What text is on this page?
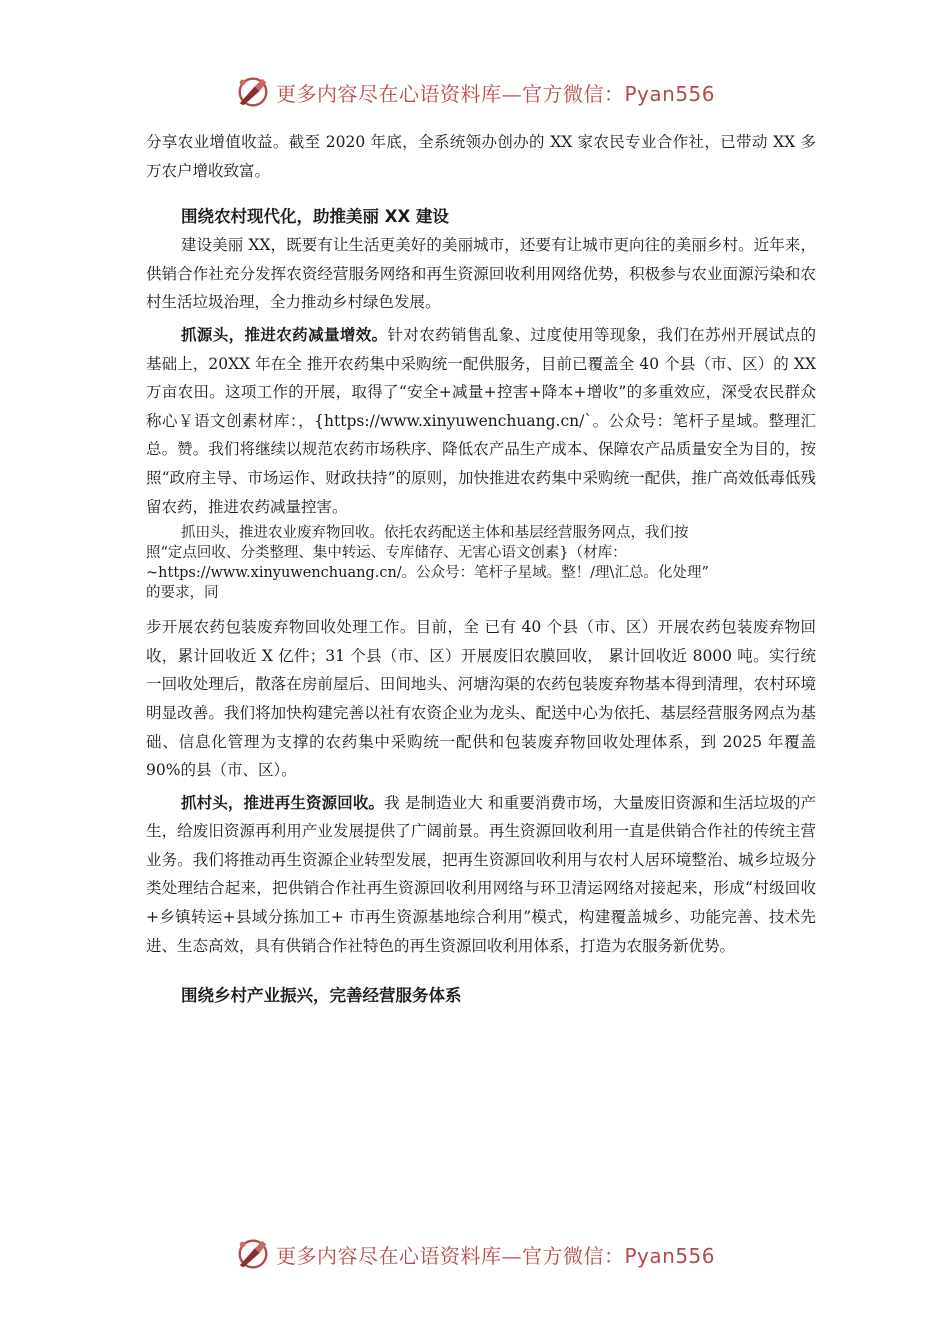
更多内容尽在心语资料库—官方微信：Pyan556

分享农业增值收益。截至 2020 年底，全系统领办创办的 XX 家农民专业合作社，已带动 XX 多万农户增收致富。

围绕农村现代化，助推美丽 XX 建设

建设美丽 XX，既要有让生活更美好的美丽城市，还要有让城市更向往的美丽乡村。近年来， 供销合作社充分发挥农资经营服务网络和再生资源回收利用网络优势，积极参与农业面源污染和农村生活垃圾治理，全力推动乡村绿色发展。

抓源头，推进农药减量增效。针对农药销售乱象、过度使用等现象，我们在苏州开展试点的基础上，20XX 年在全 推开农药集中采购统一配供服务，目前已覆盖全 40 个县（市、区）的 XX 万亩农田。这项工作的开展，取得了“安全+减量+控害+降本+增收”的多重效应，深受农民群众称心￥语文创素材库：，{https://www.xinyuwenchuang.cn/`。公众号：笔杆子星域。整理汇总。赞。我们将继续以规范农药市场秩序、降低农产品生产成本、保障农产品质量安全为目的，按照“政府主导、市场运作、财政扶持”的原则，加快推进农药集中采购统一配供，推广高效低毒低残留农药，推进农药减量控害。

抓田头，推进农业废弃物回收。依托农药配送主体和基层经营服务网点，我们按
照“定点回收、分类整理、集中转运、专库储存、无害心语文创素}（材库：
~https://www.xinyuwenchuang.cn/。公众号：笔杆子星域。整！/理\汇总。化处理”
的要求，同

步开展农药包装废弃物回收处理工作。目前，全 已有 40 个县（市、区）开展农药包装废弃物回收，累计回收近 X 亿件；31 个县（市、区）开展废旧农膜回收， 累计回收近 8000 吨。实行统一回收处理后，散落在房前屋后、田间地头、河塘沟渠的农药包装废弃物基本得到清理，农村环境明显改善。我们将加快构建完善以社有农资企业为龙头、配送中心为依托、基层经营服务网点为基础、信息化管理为支撑的农药集中采购统一配供和包装废弃物回收处理体系，到 2025 年覆盖 90%的县（市、区）。

抓村头，推进再生资源回收。我 是制造业大 和重要消费市场，大量废旧资源和生活垃圾的产生，给废旧资源再利用产业发展提供了广阔前景。再生资源回收利用一直是供销合作社的传统主营业务。我们将推动再生资源企业转型发展，把再生资源回收利用与农村人居环境整治、城乡垃圾分类处理结合起来，把供销合作社再生资源回收利用网络与环卫清运网络对接起来，形成“村级回收+乡镇转运+县域分拣加工+ 市再生资源基地综合利用”模式，构建覆盖城乡、功能完善、技术先进、生态高效，具有供销合作社特色的再生资源回收利用体系，打造为农服务新优势。

围绕乡村产业振兴，完善经营服务体系
更多内容尽在心语资料库—官方微信：Pyan556
